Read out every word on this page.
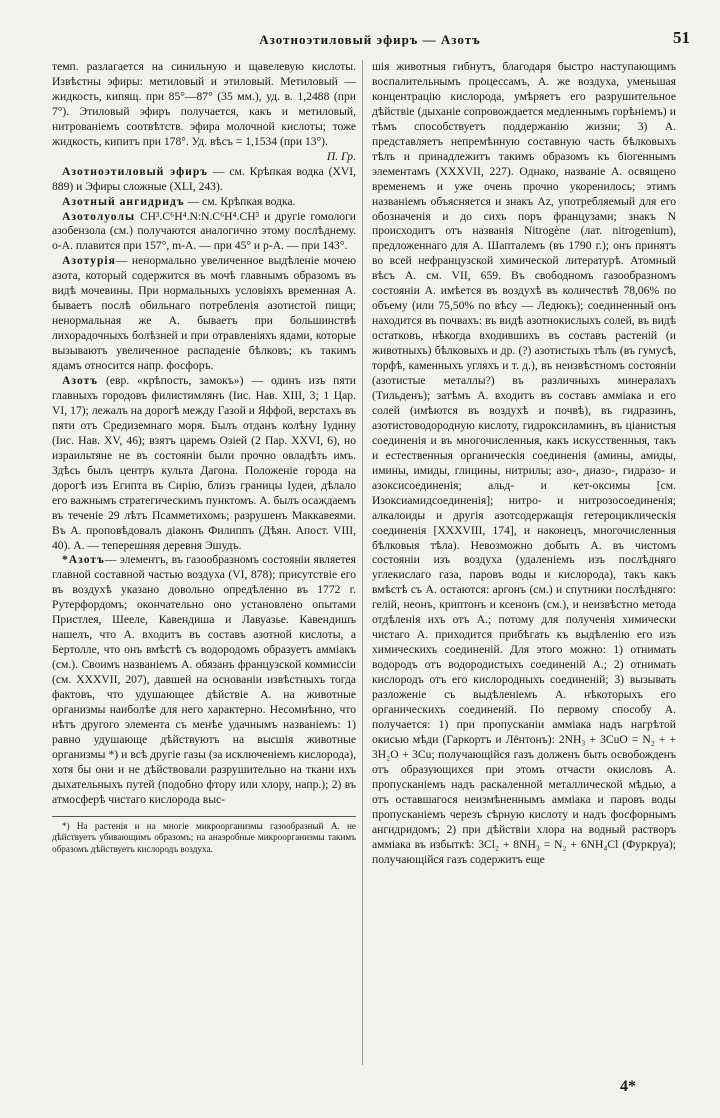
Азотноэтиловый эфиръ — Азотъ	51

темп. разлагается на синильную и щавелевую кислоты. Извѣстны эфиры: метиловый и этиловый. Метиловый — жидкость, кипящ. при 85°—87° (35 мм.), уд. в. 1,2488 (при 7°). Этиловый эфиръ получается, какъ и метиловый, нитрованіемъ соотвѣтств. эфира молочной кислоты; тоже жидкость, кипитъ при 178°. Уд. вѣсъ = 1,1534 (при 13°).
П. Гр.

Азотноэтиловый эфиръ — см. Крѣпкая водка (XVI, 889) и Эфиры сложные (XLI, 243).

Азотный ангидридъ — см. Крѣпкая водка.

Азотолуолы CH³.C⁶H⁴.N:N.C⁶H⁴.CH³ и другіе гомологи азобензола (см.) получаются аналогично этому послѣднему. о-А. плавится при 157°, m-А. — при 45° и p-А. — при 143°.

Азотурія— ненормально увеличенное выдѣленіе мочею азота, который содержится въ мочѣ главнымъ образомъ въ видѣ мочевины. При нормальныхъ условіяхъ временная А. бываетъ послѣ обильнаго потребленія азотистой пищи; ненормальная же А. бываетъ при большинствѣ лихорадочныхъ болѣзней и при отравленіяхъ ядами, которые вызываютъ увеличенное распаденіе бѣлковъ; къ такимъ ядамъ относится напр. фосфоръ.

Азотъ (евр. «крѣпость, замокъ») — одинъ изъ пяти главныхъ городовъ филистимлянъ (Іис. Нав. XIII, 3; 1 Цар. VI, 17); лежалъ на дорогѣ между Газой и Яффой, верстахъ въ пяти отъ Средиземнаго моря. Былъ отданъ колѣну Іудину (Іис. Нав. XV, 46); взятъ царемъ Озіей (2 Пар. XXVI, 6), но израильтяне не въ состояніи были прочно овладѣть имъ. Здѣсь былъ центръ культа Дагона. Положеніе города на дорогѣ изъ Египта въ Сирію, близъ границы Іудеи, дѣлало его важнымъ стратегическимъ пунктомъ. А. былъ осаждаемъ въ теченіе 29 лѣтъ Псамметихомъ; разрушенъ Маккавеями. Въ А. проповѣдовалъ діаконъ Филиппъ (Дѣян. Апост. VIII, 40). А. — теперешняя деревня Эшудъ.

*Азотъ— элементъ, въ газообразномъ состояніи являетея главной составной частью воздуха (VI, 878); присутствіе его въ воздухѣ указано довольно опредѣленно въ 1772 г. Рутерфордомъ; окончательно оно установлено опытами Пристлея, Шееле, Кавендиша и Лавуазье. Кавендишъ нашелъ, что А. входитъ въ составъ азотной кислоты, а Бертолле, что онъ вмѣстѣ съ водородомъ образуетъ аммiакъ (см.). Своимъ названіемъ А. обязанъ французской коммиссіи (см. XXXVII, 207), давшей на основаніи извѣстныхъ тогда фактовъ, что удушающее дѣйствіе А. на животные организмы наиболѣе для него характерно. Несомнѣнно, что нѣтъ другого элемента съ менѣе удачнымъ названіемъ: 1) равно удушающе дѣйствуютъ на высшiя животные организмы *) и всѣ другіе газы (за исключеніемъ кислорода), хотя бы они и не дѣйствовали разрушительно на ткани ихъ дыхательныхъ путей (подобно фтору или хлору, напр.); 2) въ атмосферѣ чистаго кислорода выс-

*) На растенія и на многіе микроорганизмы газообразный А. не дѣйствуетъ убивающимъ образомъ; на анаэробные микроорганизмы такимъ образомъ дѣйствуетъ кислородъ воздуха.

шія животныя гибнутъ, благодаря быстро наступающимъ воспалительнымъ процессамъ, А. же воздуха, уменьшая концентрацію кислорода, умѣряетъ его разрушительное дѣйствіе (дыханіе сопровождается медленнымъ горѣніемъ) и тѣмъ способствуетъ поддержанію жизни; 3) А. представляетъ непремѣнную составную часть бѣлковыхъ тѣлъ и принадлежитъ такимъ образомъ къ біогеннымъ элементамъ (XXXVII, 227). Однако, названіе А. освящено временемъ и уже очень прочно укоренилось; этимъ названіемъ объясняется и знакъ Az, употребляемый для его обозначенія и до сихъ поръ французами; знакъ N происходитъ отъ названія Nitrogène (лат. nitrogenium), предложеннаго для А. Шапталемъ (въ 1790 г.); онъ принятъ во всей нефранцузской химической литературѣ. Атомный вѣсъ А. см. VII, 659. Въ свободномъ газообразномъ состояніи А. имѣется въ воздухѣ въ количествѣ 78,06% по объему (или 75,50% по вѣсу — Ледюкъ); соединенный онъ находится въ почвахъ: въ видѣ азотнокислыхъ солей, въ видѣ остатковъ, нѣкогда входившихъ въ составъ растеній (и животныхъ) бѣлковыхъ и др. (?) азотистыхъ тѣлъ (въ гумусѣ, торфѣ, каменныхъ угляхъ и т. д.), въ неизвѣстномъ состояніи (азотистые металлы?) въ различныхъ минералахъ (Тильденъ); затѣмъ А. входитъ въ составъ аммiака и его солей (имѣются въ воздухѣ и почвѣ), въ гидразинъ, азотистоводородную кислоту, гидроксиламинъ, въ ціанистыя соединенія и въ многочисленныя, какъ искусственныя, такъ и естественныя органическія соединенія (амины, амиды, имины, имиды, глицины, нитрилы; азо-, диазо-, гидразо- и азоксисоединенія; альд- и кет-оксимы [см. Изоксиамидсоединенія]; нитро- и нитрозосоединенія; алкалоиды и другія азотсодержащія гетероциклическія соединенія [XXXVIII, 174], и наконецъ, многочисленныя бѣлковыя тѣла). Невозможно добыть А. въ чистомъ состояніи изъ воздуха (удаленіемъ изъ послѣдняго углекислаго газа, паровъ воды и кислорода), такъ какъ вмѣстѣ съ А. остаются: аргонъ (см.) и спутники послѣдняго: гелій, неонъ, криптонъ и ксенонъ (см.), и неизвѣстно метода отдѣленія ихъ отъ А.; потому для полученія химически чистаго А. приходится прибѣгать къ выдѣленію его изъ химическихъ соединеній. Для этого можно: 1) отнимать водородъ отъ водородистыхъ соединеній А.; 2) отнимать кислородъ отъ его кислородныхъ соединеній; 3) вызывать разложеніе съ выдѣленіемъ А. нѣкоторыхъ его органическихъ соединеній. По первому способу А. получается: 1) при пропусканіи аммiака надъ нагрѣтой окисью мѣди (Гаркортъ и Лёнтонъ): 2NH₃ + 3CuO = N₂ + + 3H₂O + 3Cu; получающійся газъ долженъ быть освобожденъ отъ образующихся при этомъ отчасти окисловъ А. пропусканіемъ надъ раскаленной металлической мѣдью, а отъ оставшагося неизмѣненнымъ аммiака и паровъ воды пропусканіемъ черезъ сѣрную кислоту и надъ фосфорнымъ ангидридомъ; 2) при дѣйствіи хлора на водный растворъ аммiака въ избыткѣ: 3Cl₂ + 8NH₃ = N₂ + 6NH₄Cl (Фуркруа); получающійся газъ содержитъ еще

4*
